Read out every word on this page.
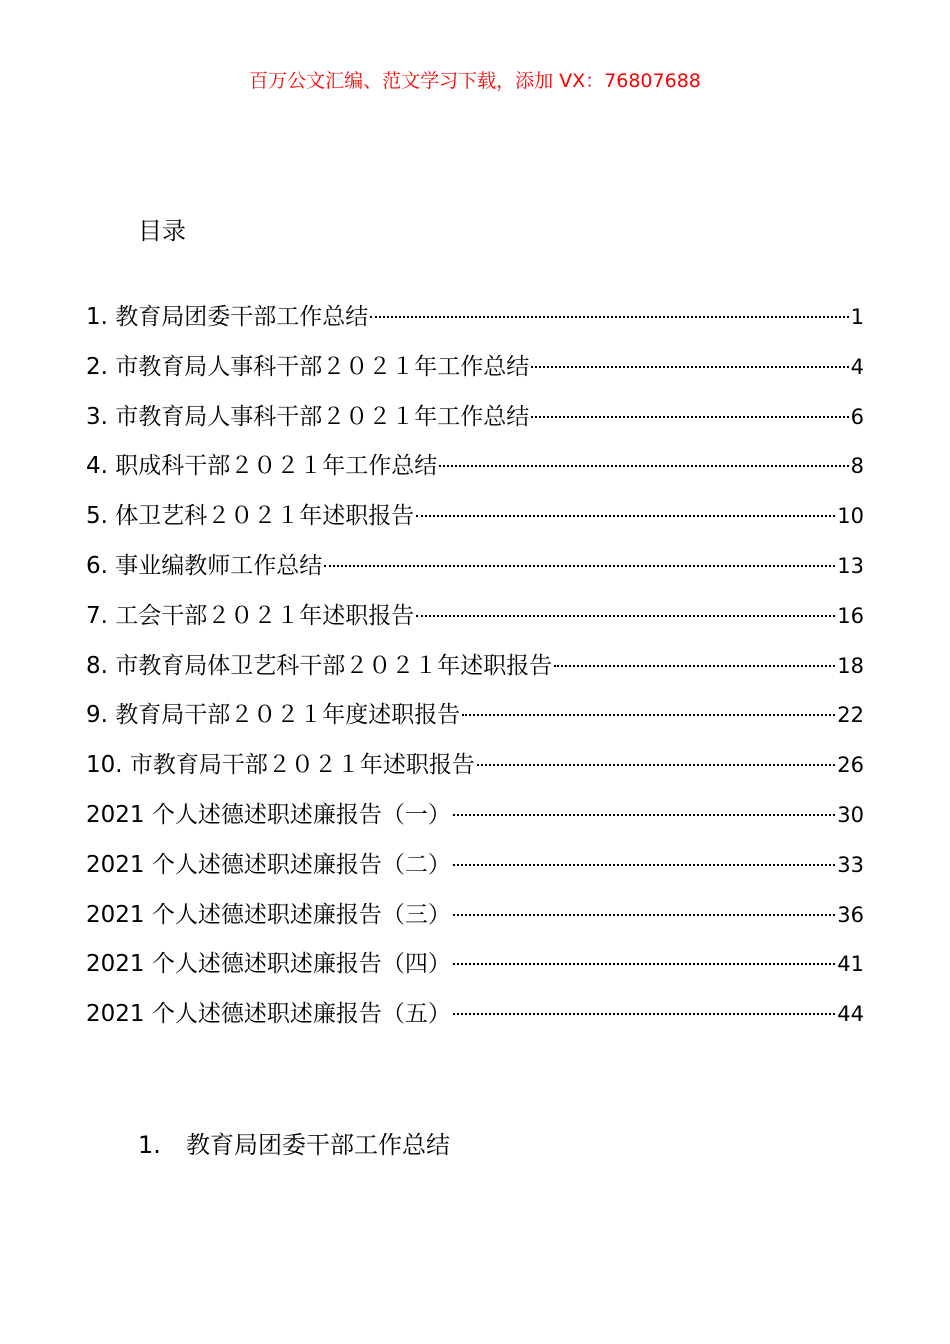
百万公文汇编、范文学习下载，添加 VX：76807688
目录
1. 教育局团委干部工作总结	1
2. 市教育局人事科干部２０２１年工作总结	4
3. 市教育局人事科干部２０２１年工作总结	6
4. 职成科干部２０２１年工作总结	8
5. 体卫艺科２０２１年述职报告	10
6. 事业编教师工作总结	13
7. 工会干部２０２１年述职报告	16
8. 市教育局体卫艺科干部２０２１年述职报告	18
9. 教育局干部２０２１年度述职报告	22
10. 市教育局干部２０２１年述职报告	26
2021 个人述德述职述廉报告（一）	30
2021 个人述德述职述廉报告（二）	33
2021 个人述德述职述廉报告（三）	36
2021 个人述德述职述廉报告（四）	41
2021 个人述德述职述廉报告（五）	44
1. 教育局团委干部工作总结
